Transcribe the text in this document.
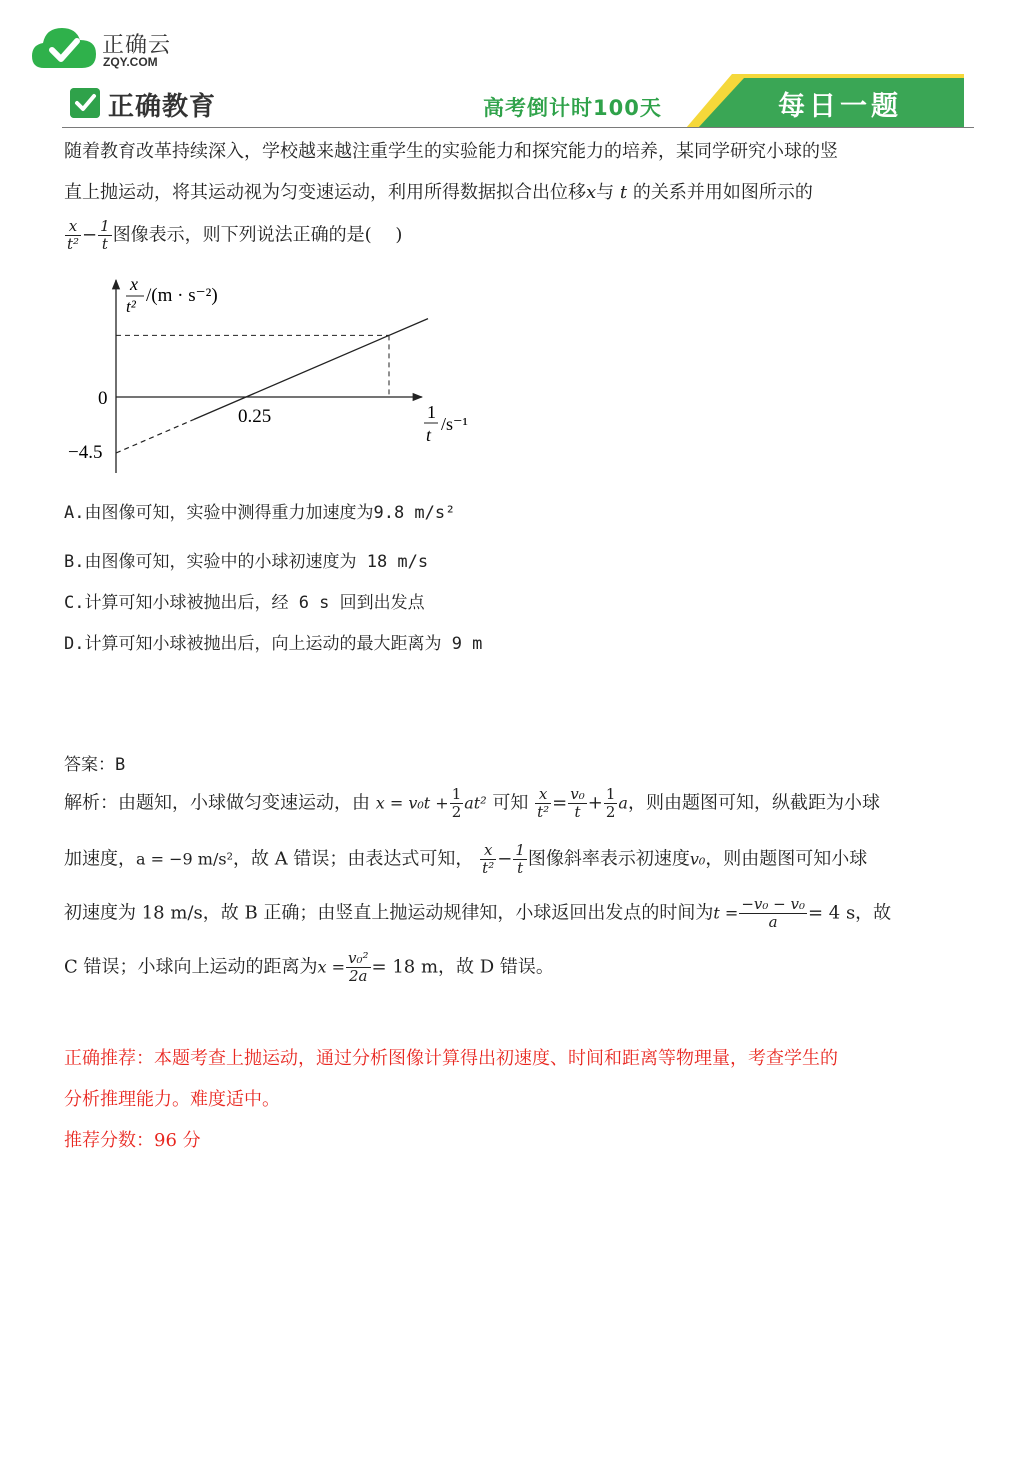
正确云
ZQY.COM
正确教育	高考倒计时100天	每日一题
随着教育改革持续深入，学校越来越注重学生的实验能力和探究能力的培养，某同学研究小球的竖
直上抛运动，将其运动视为匀变速运动，利用所得数据拟合出位移x与 t 的关系并用如图所示的
$\frac{x}{\text{t²}} - \frac{1}{t}$ 图像表示，则下列说法正确的是(　 )
x
t²
/(m · s⁻²)
0
0.25
−4.5
1
t
/s⁻¹
A.由图像可知，实验中测得重力加速度为9.8 m/s²
B.由图像可知，实验中的小球初速度为 18 m/s
C.计算可知小球被抛出后，经 6 s 回到出发点
D.计算可知小球被抛出后，向上运动的最大距离为 9 m
答案：B
解析：由题知，小球做匀变速运动，由 $x = v_0t + \frac{1}{2} at^2$ 可知 $\frac{x}{\text{t²}} = \frac{\text{v₀}}{t} + \frac{1}{2}$ a，则由题图可知，纵截距为小球
加速度，a = −9 m/s²，故 A 错误；由表达式可知， $\frac{x}{\text{t²}} - \frac{1}{t}$ 图像斜率表示初速度v₀，则由题图可知小球
初速度为 18 m/s，故 B 正确；由竖直上抛运动规律知，小球返回出发点的时间为$t = \frac{\text{−v₀ − v₀}}{a} = 4$ s，故
C 错误；小球向上运动的距离为$x = \frac{\text{v₀²}}{2a} = 18$ m，故 D 错误。
正确推荐：本题考查上抛运动，通过分析图像计算得出初速度、时间和距离等物理量，考查学生的
分析推理能力。难度适中。
推荐分数：96 分
